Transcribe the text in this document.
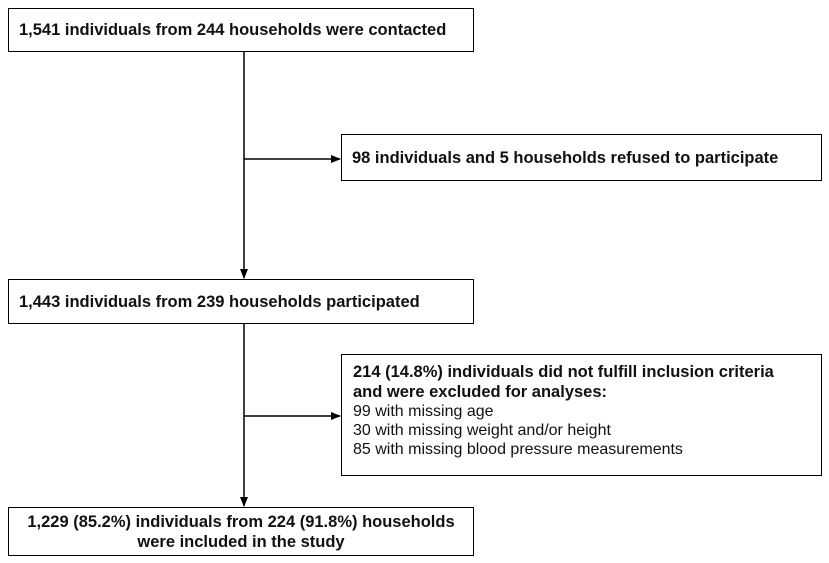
1,541 individuals from 244 households were contacted
98 individuals and 5 households refused to participate
1,443 individuals from 239 households participated
214 (14.8%) individuals did not fulfill inclusion criteria
and were excluded for analyses:
99 with missing age
30 with missing weight and/or height
85 with missing blood pressure measurements
1,229 (85.2%) individuals from 224 (91.8%) households
were included in the study
